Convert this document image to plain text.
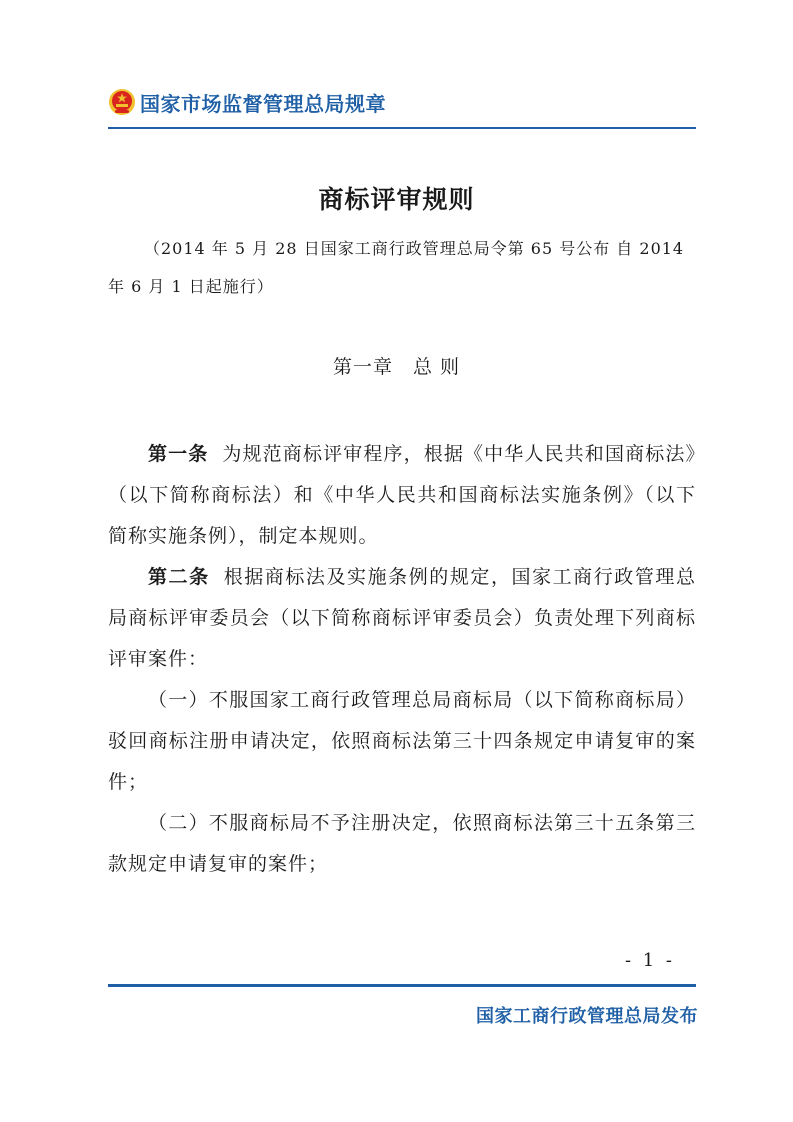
国家市场监督管理总局规章
商标评审规则
（2014 年 5 月 28 日国家工商行政管理总局令第 65 号公布 自 2014 年 6 月 1 日起施行）
第一章　总 则

第一条 为规范商标评审程序，根据《中华人民共和国商标法》（以下简称商标法）和《中华人民共和国商标法实施条例》（以下简称实施条例），制定本规则。

第二条 根据商标法及实施条例的规定，国家工商行政管理总局商标评审委员会（以下简称商标评审委员会）负责处理下列商标评审案件：

（一）不服国家工商行政管理总局商标局（以下简称商标局）驳回商标注册申请决定，依照商标法第三十四条规定申请复审的案件；

（二）不服商标局不予注册决定，依照商标法第三十五条第三款规定申请复审的案件；

- 1 -
国家工商行政管理总局发布
